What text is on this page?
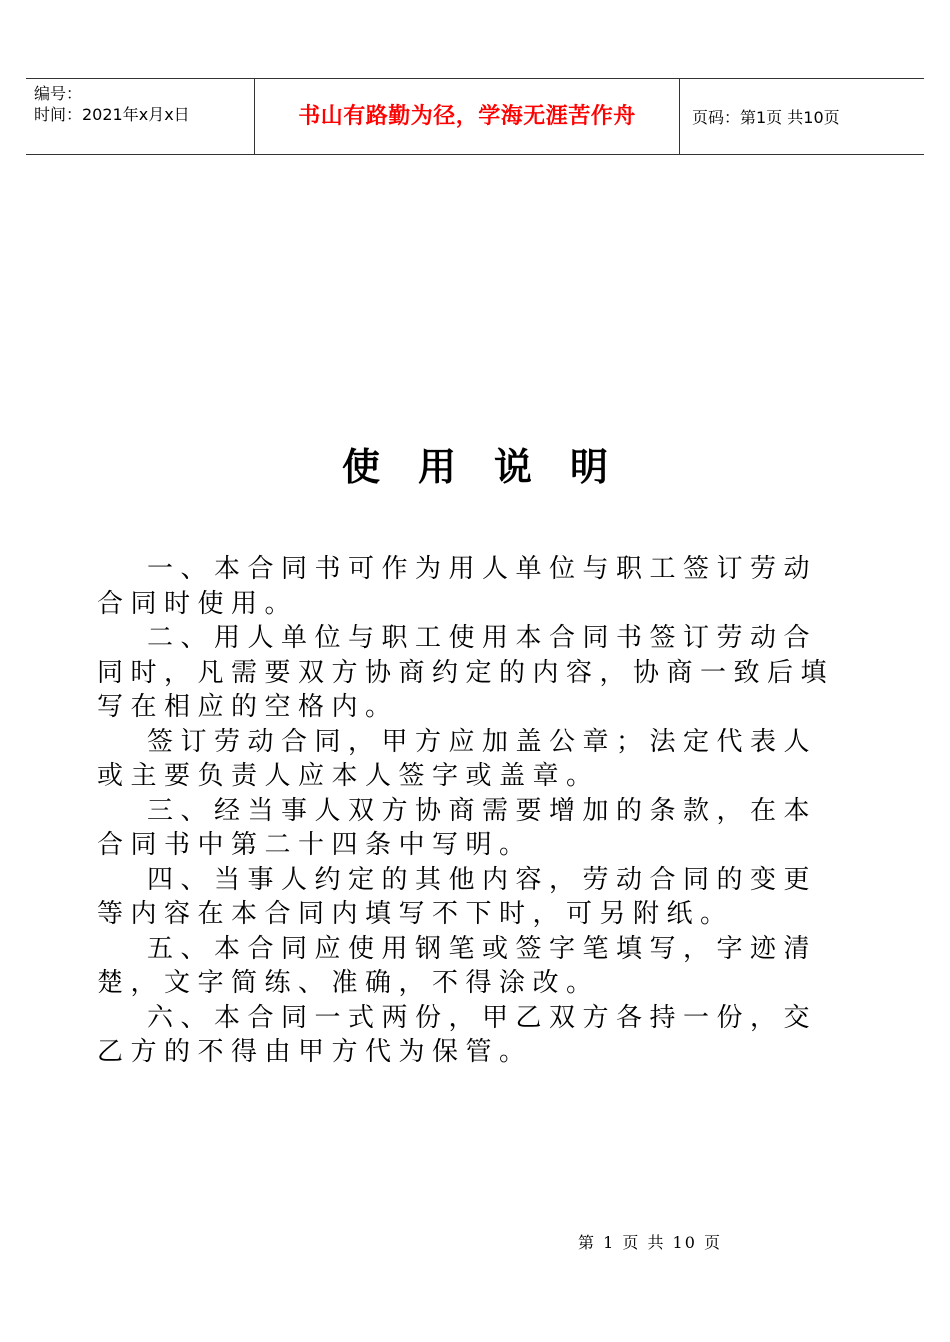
编号：
时间：2021年x月x日	书山有路勤为径，学海无涯苦作舟	页码：第1页 共10页
使用说明

一、本合同书可作为用人单位与职工签订劳动合同时使用。

二、用人单位与职工使用本合同书签订劳动合同时，凡需要双方协商约定的内容，协商一致后填写在相应的空格内。

签订劳动合同，甲方应加盖公章；法定代表人或主要负责人应本人签字或盖章。

三、经当事人双方协商需要增加的条款，在本合同书中第二十四条中写明。

四、当事人约定的其他内容，劳动合同的变更等内容在本合同内填写不下时，可另附纸。

五、本合同应使用钢笔或签字笔填写，字迹清楚，文字简练、准确，不得涂改。

六、本合同一式两份，甲乙双方各持一份，交乙方的不得由甲方代为保管。

第 1 页 共 10 页
